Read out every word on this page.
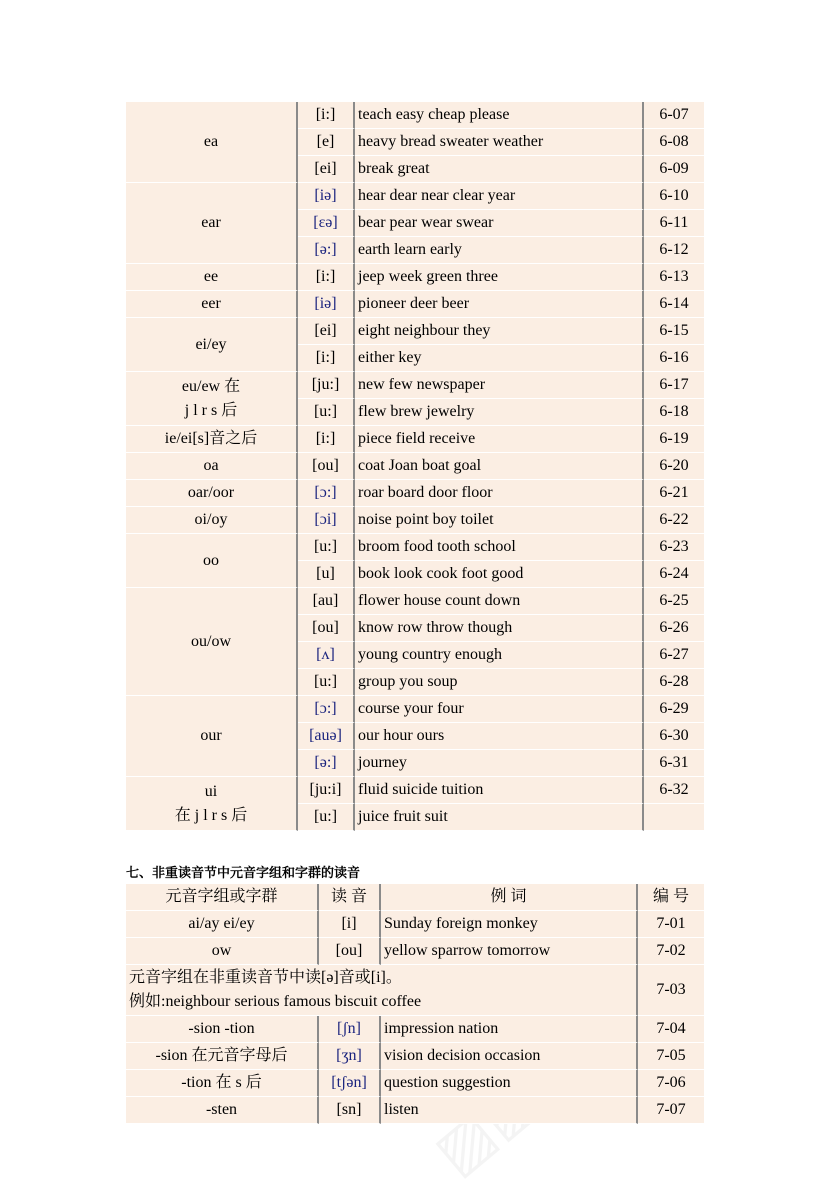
ea	[i:]	teach easy cheap please	6-07
	[e]	heavy bread sweater weather	6-08
	[ei]	break great	6-09
ear	[iə]	hear dear near clear year	6-10
	[ɛə]	bear pear wear swear	6-11
	[ə:]	earth learn early	6-12
ee	[i:]	jeep week green three	6-13
eer	[iə]	pioneer deer beer	6-14
ei/ey	[ei]	eight neighbour they	6-15
	[i:]	either key	6-16

eu/ew 在
j l r s 后	[ju:]	new few newspaper	6-17
	[u:]	flew brew jewelry	6-18
ie/ei[s]音之后	[i:]	piece field receive	6-19
oa	[ou]	coat Joan boat goal	6-20
oar/oor	[ɔ:]	roar board door floor	6-21
oi/oy	[ɔi]	noise point boy toilet	6-22
oo	[u:]	broom food tooth school	6-23
	[u]	book look cook foot good	6-24
ou/ow	[au]	flower house count down	6-25
	[ou]	know row throw though	6-26
	[ʌ]	young country enough	6-27
	[u:]	group you soup	6-28
our	[ɔ:]	course your four	6-29
	[auə]	our hour ours	6-30
	[ə:]	journey	6-31

ui
在 j l r s 后	[ju:i]	fluid suicide tuition	6-32
	[u:]	juice fruit suit	
七、非重读音节中元音字组和字群的读音
元音字组或字群	读 音	例 词	编 号
ai/ay ei/ey	[i]	Sunday foreign monkey	7-01
ow	[ou]	yellow sparrow tomorrow	7-02

元音字组在非重读音节中读[ə]音或[i]。
例如:neighbour serious famous biscuit coffee			7-03
-sion -tion	[ʃn]	impression nation	7-04
-sion 在元音字母后	[ʒn]	vision decision occasion	7-05
-tion 在 s 后	[tʃən]	question suggestion	7-06
-sten	[sn]	listen	7-07
